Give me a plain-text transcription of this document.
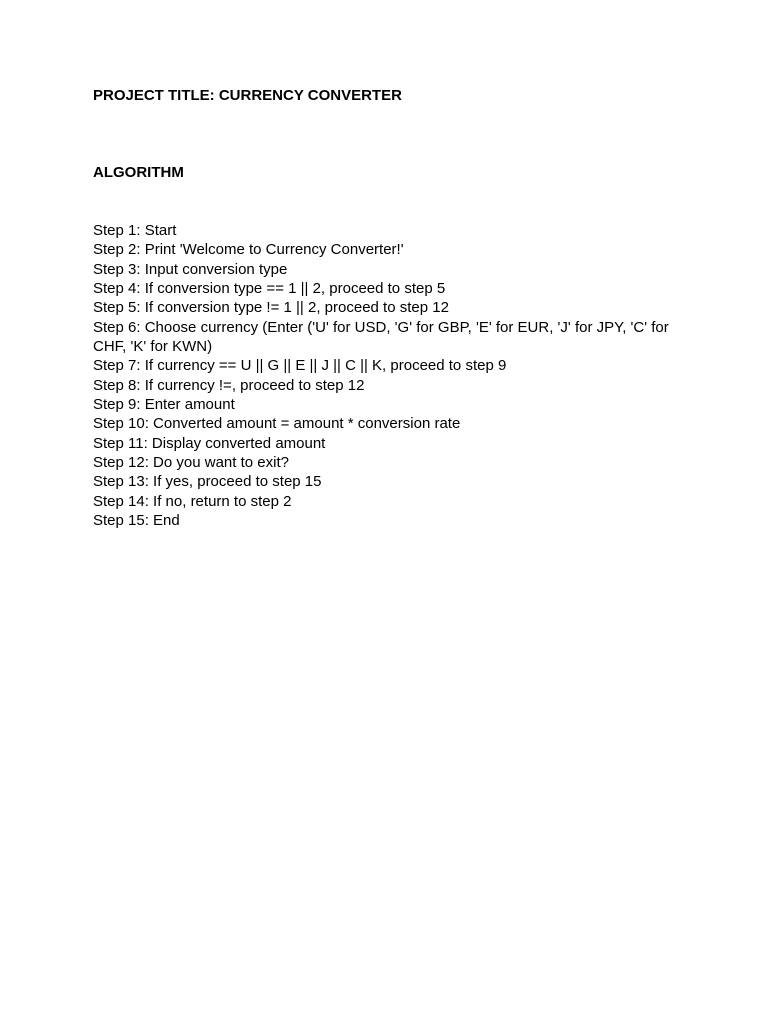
PROJECT TITLE: CURRENCY CONVERTER

ALGORITHM

Step 1: Start
Step 2: Print 'Welcome to Currency Converter!'
Step 3: Input conversion type
Step 4: If conversion type == 1 || 2, proceed to step 5
Step 5: If conversion type != 1 || 2, proceed to step 12
Step 6: Choose currency (Enter ('U' for USD, 'G' for GBP, 'E' for EUR, 'J' for JPY, 'C' for CHF, 'K' for KWN)
Step 7: If currency == U || G || E || J || C || K, proceed to step 9
Step 8: If currency !=, proceed to step 12
Step 9: Enter amount
Step 10: Converted amount = amount * conversion rate
Step 11: Display converted amount
Step 12: Do you want to exit?
Step 13: If yes, proceed to step 15
Step 14: If no, return to step 2
Step 15: End
